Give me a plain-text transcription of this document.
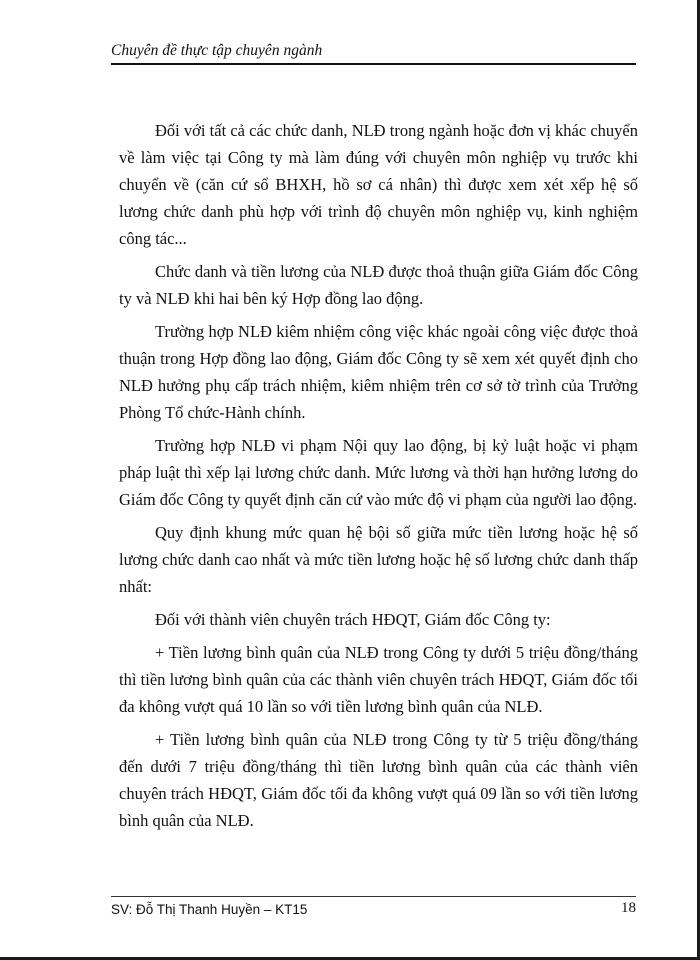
Chuyên đề thực tập chuyên ngành

Đối với tất cả các chức danh, NLĐ trong ngành hoặc đơn vị khác chuyển về làm việc tại Công ty mà làm đúng với chuyên môn nghiệp vụ trước khi chuyển về (căn cứ sổ BHXH, hồ sơ cá nhân) thì được xem xét xếp hệ số lương chức danh phù hợp với trình độ chuyên môn nghiệp vụ, kinh nghiệm công tác...

Chức danh và tiền lương của NLĐ được thoả thuận giữa Giám đốc Công ty và NLĐ khi hai bên ký Hợp đồng lao động.

Trường hợp NLĐ kiêm nhiệm công việc khác ngoài công việc được thoả thuận trong Hợp đồng lao động, Giám đốc Công ty sẽ xem xét quyết định cho NLĐ hưởng phụ cấp trách nhiệm, kiêm nhiệm trên cơ sở tờ trình của Trưởng Phòng Tổ chức-Hành chính.

Trường hợp NLĐ vi phạm Nội quy lao động, bị kỷ luật hoặc vi phạm pháp luật thì xếp lại lương chức danh. Mức lương và thời hạn hưởng lương do Giám đốc Công ty quyết định căn cứ vào mức độ vi phạm của người lao động.

Quy định khung mức quan hệ bội số giữa mức tiền lương hoặc hệ số lương chức danh cao nhất và mức tiền lương hoặc hệ số lương chức danh thấp nhất:

Đối với thành viên chuyên trách HĐQT, Giám đốc Công ty:

+ Tiền lương bình quân của NLĐ trong Công ty dưới 5 triệu đồng/tháng thì tiền lương bình quân của các thành viên chuyên trách HĐQT, Giám đốc tối đa không vượt quá 10 lần so với tiền lương bình quân của NLĐ.

+ Tiền lương bình quân của NLĐ trong Công ty từ 5 triệu đồng/tháng đến dưới 7 triệu đồng/tháng thì tiền lương bình quân của các thành viên chuyên trách HĐQT, Giám đốc tối đa không vượt quá 09 lần so với tiền lương bình quân của NLĐ.

SV: Đỗ Thị Thanh Huyền – KT15	18
